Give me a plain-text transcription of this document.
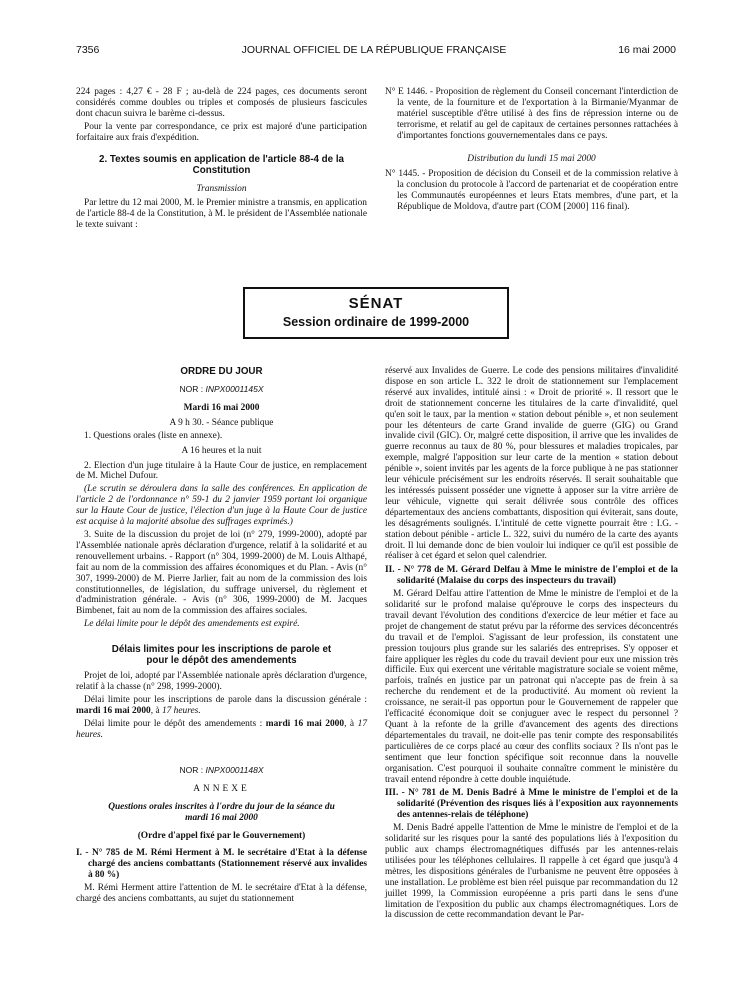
7356	JOURNAL OFFICIEL DE LA RÉPUBLIQUE FRANÇAISE	16 mai 2000

224 pages : 4,27 € - 28 F ; au-delà de 224 pages, ces documents seront considérés comme doubles ou triples et composés de plusieurs fascicules dont chacun suivra le barème ci-dessus.

Pour la vente par correspondance, ce prix est majoré d'une participation forfaitaire aux frais d'expédition.

2. Textes soumis en application de l'article 88-4 de la Constitution

Transmission

Par lettre du 12 mai 2000, M. le Premier ministre a transmis, en application de l'article 88-4 de la Constitution, à M. le président de l'Assemblée nationale le texte suivant :

N° E 1446. - Proposition de règlement du Conseil concernant l'interdiction de la vente, de la fourniture et de l'exportation à la Birmanie/Myanmar de matériel susceptible d'être utilisé à des fins de répression interne ou de terrorisme, et relatif au gel de capitaux de certaines personnes rattachées à d'importantes fonctions gouvernementales dans ce pays.

Distribution du lundi 15 mai 2000

N° 1445. - Proposition de décision du Conseil et de la commission relative à la conclusion du protocole à l'accord de partenariat et de coopération entre les Communautés européennes et leurs Etats membres, d'une part, et la République de Moldova, d'autre part (COM [2000] 116 final).

SÉNAT
Session ordinaire de 1999-2000

ORDRE DU JOUR

NOR : INPX0001145X

Mardi 16 mai 2000

A 9 h 30. - Séance publique

1. Questions orales (liste en annexe).

A 16 heures et la nuit

2. Election d'un juge titulaire à la Haute Cour de justice, en remplacement de M. Michel Dufour.

(Le scrutin se déroulera dans la salle des conférences. En application de l'article 2 de l'ordonnance n° 59-1 du 2 janvier 1959 portant loi organique sur la Haute Cour de justice, l'élection d'un juge à la Haute Cour de justice est acquise à la majorité absolue des suffrages exprimés.)

3. Suite de la discussion du projet de loi (n° 279, 1999-2000), adopté par l'Assemblée nationale après déclaration d'urgence, relatif à la solidarité et au renouvellement urbains. - Rapport (n° 304, 1999-2000) de M. Louis Althapé, fait au nom de la commission des affaires économiques et du Plan. - Avis (n° 307, 1999-2000) de M. Pierre Jarlier, fait au nom de la commission des lois constitutionnelles, de législation, du suffrage universel, du règlement et d'administration générale. - Avis (n° 306, 1999-2000) de M. Jacques Bimbenet, fait au nom de la commission des affaires sociales.

Le délai limite pour le dépôt des amendements est expiré.

Délais limites pour les inscriptions de parole et pour le dépôt des amendements

Projet de loi, adopté par l'Assemblée nationale après déclaration d'urgence, relatif à la chasse (n° 298, 1999-2000).

Délai limite pour les inscriptions de parole dans la discussion générale : mardi 16 mai 2000, à 17 heures.

Délai limite pour le dépôt des amendements : mardi 16 mai 2000, à 17 heures.

NOR : INPX0001148X

ANNEXE

Questions orales inscrites à l'ordre du jour de la séance du mardi 16 mai 2000

(Ordre d'appel fixé par le Gouvernement)

I. - N° 785 de M. Rémi Herment à M. le secrétaire d'Etat à la défense chargé des anciens combattants (Stationnement réservé aux invalides à 80 %)

M. Rémi Herment attire l'attention de M. le secrétaire d'Etat à la défense, chargé des anciens combattants, au sujet du stationnement

réservé aux Invalides de Guerre. Le code des pensions militaires d'invalidité dispose en son article L. 322 le droit de stationnement sur l'emplacement réservé aux invalides, intitulé ainsi : « Droit de priorité ». Il ressort que le droit de stationnement concerne les titulaires de la carte d'invalidité, quel qu'en soit le taux, par la mention « station debout pénible », et non seulement pour les détenteurs de carte Grand invalide de guerre (GIG) ou Grand invalide civil (GIC). Or, malgré cette disposition, il arrive que les invalides de guerre reconnus au taux de 80 %, pour blessures et maladies tropicales, par exemple, malgré l'apposition sur leur carte de la mention « station debout pénible », soient invités par les agents de la force publique à ne pas stationner leur véhicule précisément sur les endroits réservés. Il serait souhaitable que les intéressés puissent posséder une vignette à apposer sur la vitre arrière de leur véhicule, vignette qui serait délivrée sous contrôle des offices départementaux des anciens combattants, disposition qui éviterait, sans doute, les désagréments soulignés. L'intitulé de cette vignette pourrait être : I.G. - station debout pénible - article L. 322, suivi du numéro de la carte des ayants droit. Il lui demande donc de bien vouloir lui indiquer ce qu'il est possible de réaliser à cet égard et selon quel calendrier.

II. - N° 778 de M. Gérard Delfau à Mme le ministre de l'emploi et de la solidarité (Malaise du corps des inspecteurs du travail)

M. Gérard Delfau attire l'attention de Mme le ministre de l'emploi et de la solidarité sur le profond malaise qu'éprouve le corps des inspecteurs du travail devant l'évolution des conditions d'exercice de leur métier et face au projet de changement de statut prévu par la réforme des services déconcentrés du travail et de l'emploi. S'agissant de leur profession, ils constatent une pression toujours plus grande sur les salariés des entreprises. S'y opposer et faire appliquer les règles du code du travail devient pour eux une mission très difficile. Eux qui exercent une véritable magistrature sociale se voient même, parfois, traînés en justice par un patronat qui n'accepte pas de frein à sa recherche du rendement et de la productivité. Au moment où revient la croissance, ne serait-il pas opportun pour le Gouvernement de rappeler que l'efficacité économique doit se conjuguer avec le respect du personnel ? Quant à la refonte de la grille d'avancement des agents des directions départementales du travail, ne doit-elle pas tenir compte des responsabilités particulières de ce corps placé au cœur des conflits sociaux ? Ils n'ont pas le sentiment que leur fonction spécifique soit reconnue dans la nouvelle organisation. C'est pourquoi il souhaite connaître comment le ministère du travail entend répondre à cette double inquiétude.

III. - N° 781 de M. Denis Badré à Mme le ministre de l'emploi et de la solidarité (Prévention des risques liés à l'exposition aux rayonnements des antennes-relais de téléphone)

M. Denis Badré appelle l'attention de Mme le ministre de l'emploi et de la solidarité sur les risques pour la santé des populations liés à l'exposition du public aux champs électromagnétiques diffusés par les antennes-relais utilisées pour les téléphones cellulaires. Il rappelle à cet égard que jusqu'à 4 mètres, les dispositions générales de l'urbanisme ne peuvent être opposées à une installation. Le problème est bien réel puisque par recommandation du 12 juillet 1999, la Commission européenne a pris parti dans le sens d'une limitation de l'exposition du public aux champs électromagnétiques. Lors de la discussion de cette recommandation devant le Par-
